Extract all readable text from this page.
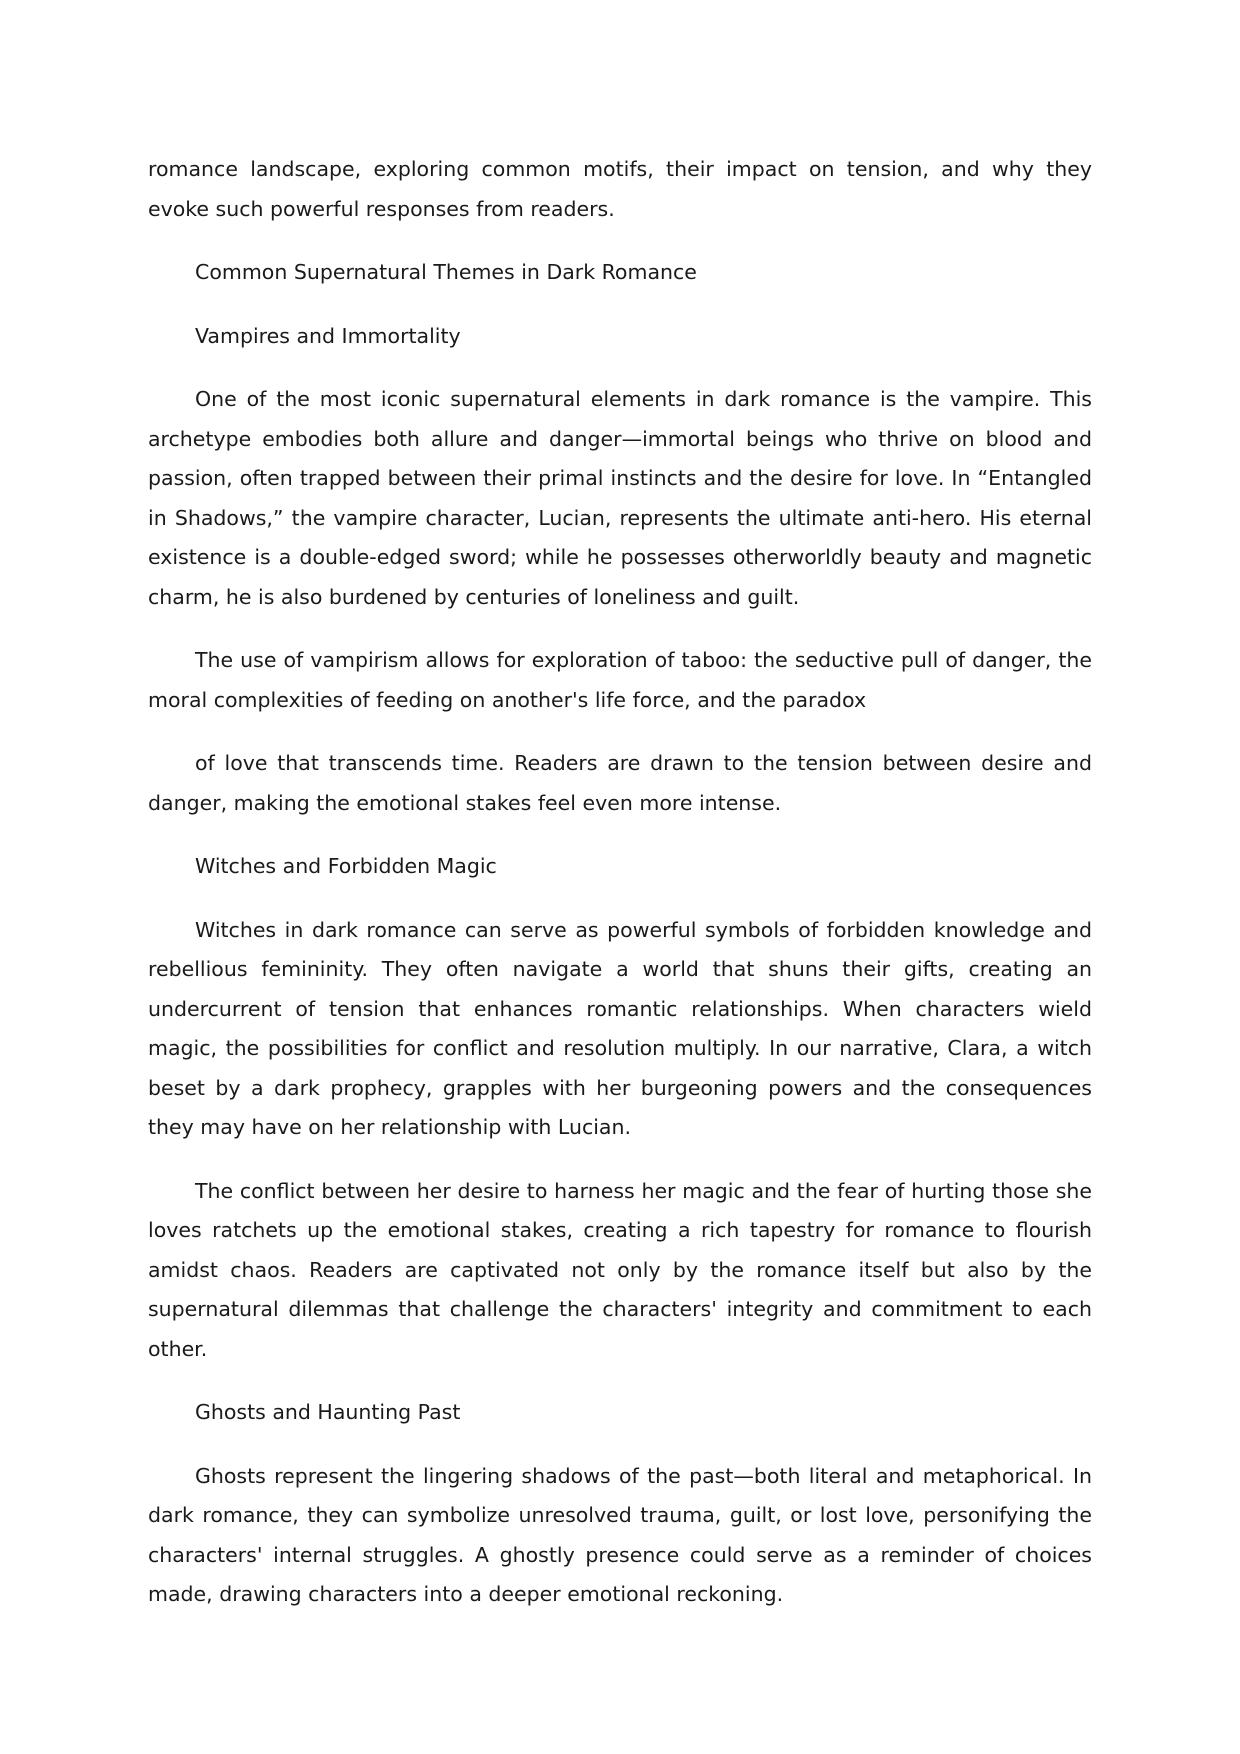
romance landscape, exploring common motifs, their impact on tension, and why they evoke such powerful responses from readers.

Common Supernatural Themes in Dark Romance
Vampires and Immortality

One of the most iconic supernatural elements in dark romance is the vampire. This archetype embodies both allure and danger—immortal beings who thrive on blood and passion, often trapped between their primal instincts and the desire for love. In “Entangled in Shadows,” the vampire character, Lucian, represents the ultimate anti-hero. His eternal existence is a double-edged sword; while he possesses otherworldly beauty and magnetic charm, he is also burdened by centuries of loneliness and guilt.

The use of vampirism allows for exploration of taboo: the seductive pull of danger, the moral complexities of feeding on another's life force, and the paradox

of love that transcends time. Readers are drawn to the tension between desire and danger, making the emotional stakes feel even more intense.

Witches and Forbidden Magic

Witches in dark romance can serve as powerful symbols of forbidden knowledge and rebellious femininity. They often navigate a world that shuns their gifts, creating an undercurrent of tension that enhances romantic relationships. When characters wield magic, the possibilities for conflict and resolution multiply. In our narrative, Clara, a witch beset by a dark prophecy, grapples with her burgeoning powers and the consequences they may have on her relationship with Lucian.

The conflict between her desire to harness her magic and the fear of hurting those she loves ratchets up the emotional stakes, creating a rich tapestry for romance to flourish amidst chaos. Readers are captivated not only by the romance itself but also by the supernatural dilemmas that challenge the characters' integrity and commitment to each other.

Ghosts and Haunting Past

Ghosts represent the lingering shadows of the past—both literal and metaphorical. In dark romance, they can symbolize unresolved trauma, guilt, or lost love, personifying the characters' internal struggles. A ghostly presence could serve as a reminder of choices made, drawing characters into a deeper emotional reckoning.
